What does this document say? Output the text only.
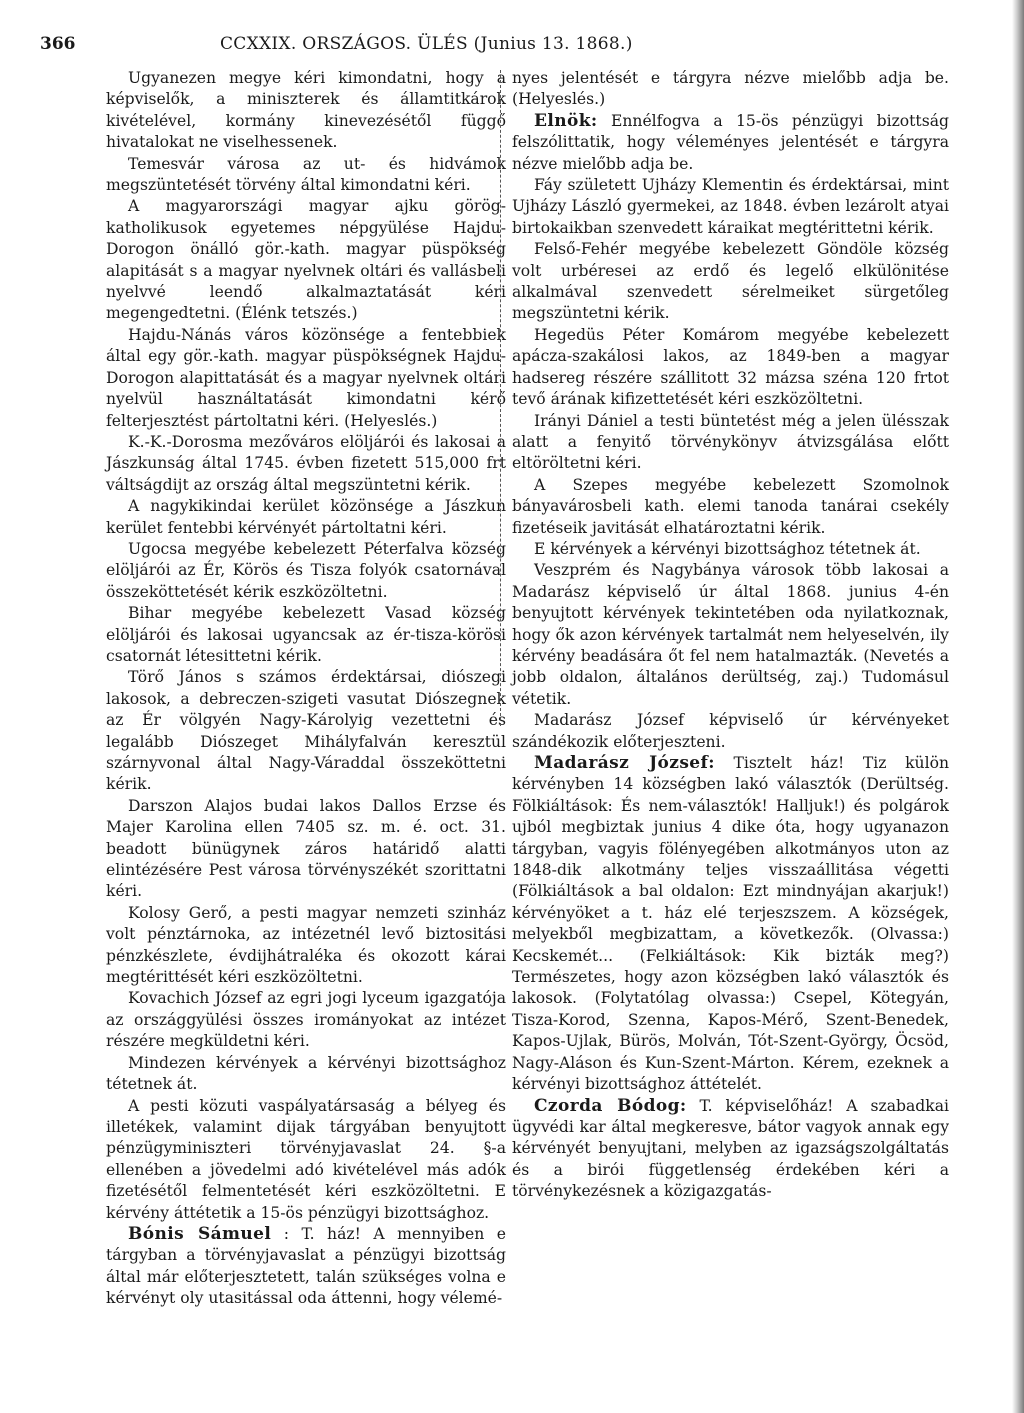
366	CCXXIX. ORSZÁGOS. ÜLÉS (Junius 13. 1868.)

Ugyanezen megye kéri kimondatni, hogy a képviselők, a miniszterek és államtitkárok kivételével, kormány kinevezésétől függő hivatalokat ne viselhessenek.

Temesvár városa az ut- és hidvámok megszüntetését törvény által kimondatni kéri.

A magyarországi magyar ajku görög-katholikusok egyetemes népgyülése Hajdu-Dorogon önálló gör.-kath. magyar püspökség alapitását s a magyar nyelvnek oltári és vallásbeli nyelvvé leendő alkalmaztatását kéri megengedtetni. (Élénk tetszés.)

Hajdu-Nánás város közönsége a fentebbiek által egy gör.-kath. magyar püspökségnek Hajdu-Dorogon alapittatását és a magyar nyelvnek oltári nyelvül használtatását kimondatni kérő felterjesztést pártoltatni kéri. (Helyeslés.)

K.-K.-Dorosma mezőváros elöljárói és lakosai a Jászkunság által 1745. évben fizetett 515,000 frt váltságdijt az ország által megszüntetni kérik.

A nagykikindai kerület közönsége a Jászkun kerület fentebbi kérvényét pártoltatni kéri.

Ugocsa megyébe kebelezett Péterfalva község elöljárói az Ér, Körös és Tisza folyók csatornával összeköttetését kérik eszközöltetni.

Bihar megyébe kebelezett Vasad község elöljárói és lakosai ugyancsak az ér-tisza-körösi csatornát létesittetni kérik.

Törő János s számos érdektársai, diószegi lakosok, a debreczen-szigeti vasutat Diószegnek az Ér völgyén Nagy-Károlyig vezettetni és legalább Diószeget Mihályfalván keresztül szárnyvonal által Nagy-Váraddal összeköttetni kérik.

Darszon Alajos budai lakos Dallos Erzse és Majer Karolina ellen 7405 sz. m. é. oct. 31. beadott bünügynek záros határidő alatti elintézésére Pest városa törvényszékét szorittatni kéri.

Kolosy Gerő, a pesti magyar nemzeti szinház volt pénztárnoka, az intézetnél levő biztositási pénzkészlete, évdijhátraléka és okozott kárai megtérittését kéri eszközöltetni.

Kovachich József az egri jogi lyceum igazgatója az országgyülési összes irományokat az intézet részére megküldetni kéri.

Mindezen kérvények a kérvényi bizottsághoz tétetnek át.

A pesti közuti vaspályatársaság a bélyeg és illetékek, valamint dijak tárgyában benyujtott pénzügyminiszteri törvényjavaslat 24. §-a ellenében a jövedelmi adó kivételével más adók fizetésétől felmentetését kéri eszközöltetni. E kérvény áttétetik a 15-ös pénzügyi bizottsághoz.

Bónis Sámuel : T. ház! A mennyiben e tárgyban a törvényjavaslat a pénzügyi bizottság által már előterjesztetett, talán szükséges volna e kérvényt oly utasitással oda áttenni, hogy vélemé-

nyes jelentését e tárgyra nézve mielőbb adja be. (Helyeslés.)

Elnök: Ennélfogva a 15-ös pénzügyi bizottság felszólittatik, hogy véleményes jelentését e tárgyra nézve mielőbb adja be.

Fáy született Ujházy Klementin és érdektársai, mint Ujházy László gyermekei, az 1848. évben lezárolt atyai birtokaikban szenvedett káraikat megtérittetni kérik.

Felső-Fehér megyébe kebelezett Göndöle község volt urbéresei az erdő és legelő elkülönitése alkalmával szenvedett sérelmeiket sürgetőleg megszüntetni kérik.

Hegedüs Péter Komárom megyébe kebelezett apácza-szakálosi lakos, az 1849-ben a magyar hadsereg részére szállitott 32 mázsa széna 120 frtot tevő árának kifizettetését kéri eszközöltetni.

Irányi Dániel a testi büntetést még a jelen ülésszak alatt a fenyitő törvénykönyv átvizsgálása előtt eltöröltetni kéri.

A Szepes megyébe kebelezett Szomolnok bányavárosbeli kath. elemi tanoda tanárai csekély fizetéseik javitását elhatároztatni kérik.

E kérvények a kérvényi bizottsághoz tétetnek át.

Veszprém és Nagybánya városok több lakosai a Madarász képviselő úr által 1868. junius 4-én benyujtott kérvények tekintetében oda nyilatkoznak, hogy ők azon kérvények tartalmát nem helyeselvén, ily kérvény beadására őt fel nem hatalmazták. (Nevetés a jobb oldalon, általános derültség, zaj.) Tudomásul vétetik.

Madarász József képviselő úr kérvényeket szándékozik előterjeszteni.

Madarász József: Tisztelt ház! Tiz külön kérvényben 14 községben lakó választók (Derültség. Fölkiáltások: És nem-választók! Halljuk!) és polgárok ujból megbiztak junius 4 dike óta, hogy ugyanazon tárgyban, vagyis fölényegében alkotmányos uton az 1848-dik alkotmány teljes visszaállitása végetti (Fölkiáltások a bal oldalon: Ezt mindnyájan akarjuk!) kérvényöket a t. ház elé terjeszszem. A községek, melyekből megbizattam, a következők. (Olvassa:) Kecskemét... (Felkiáltások: Kik bizták meg?) Természetes, hogy azon községben lakó választók és lakosok. (Folytatólag olvassa:) Csepel, Kötegyán, Tisza-Korod, Szenna, Kapos-Mérő, Szent-Benedek, Kapos-Ujlak, Bürös, Molván, Tót-Szent-György, Öcsöd, Nagy-Aláson és Kun-Szent-Márton. Kérem, ezeknek a kérvényi bizottsághoz áttételét.

Czorda Bódog: T. képviselőház! A szabadkai ügyvédi kar által megkeresve, bátor vagyok annak egy kérvényét benyujtani, melyben az igazságszolgáltatás és a birói függetlenség érdekében kéri a törvénykezésnek a közigazgatás-
